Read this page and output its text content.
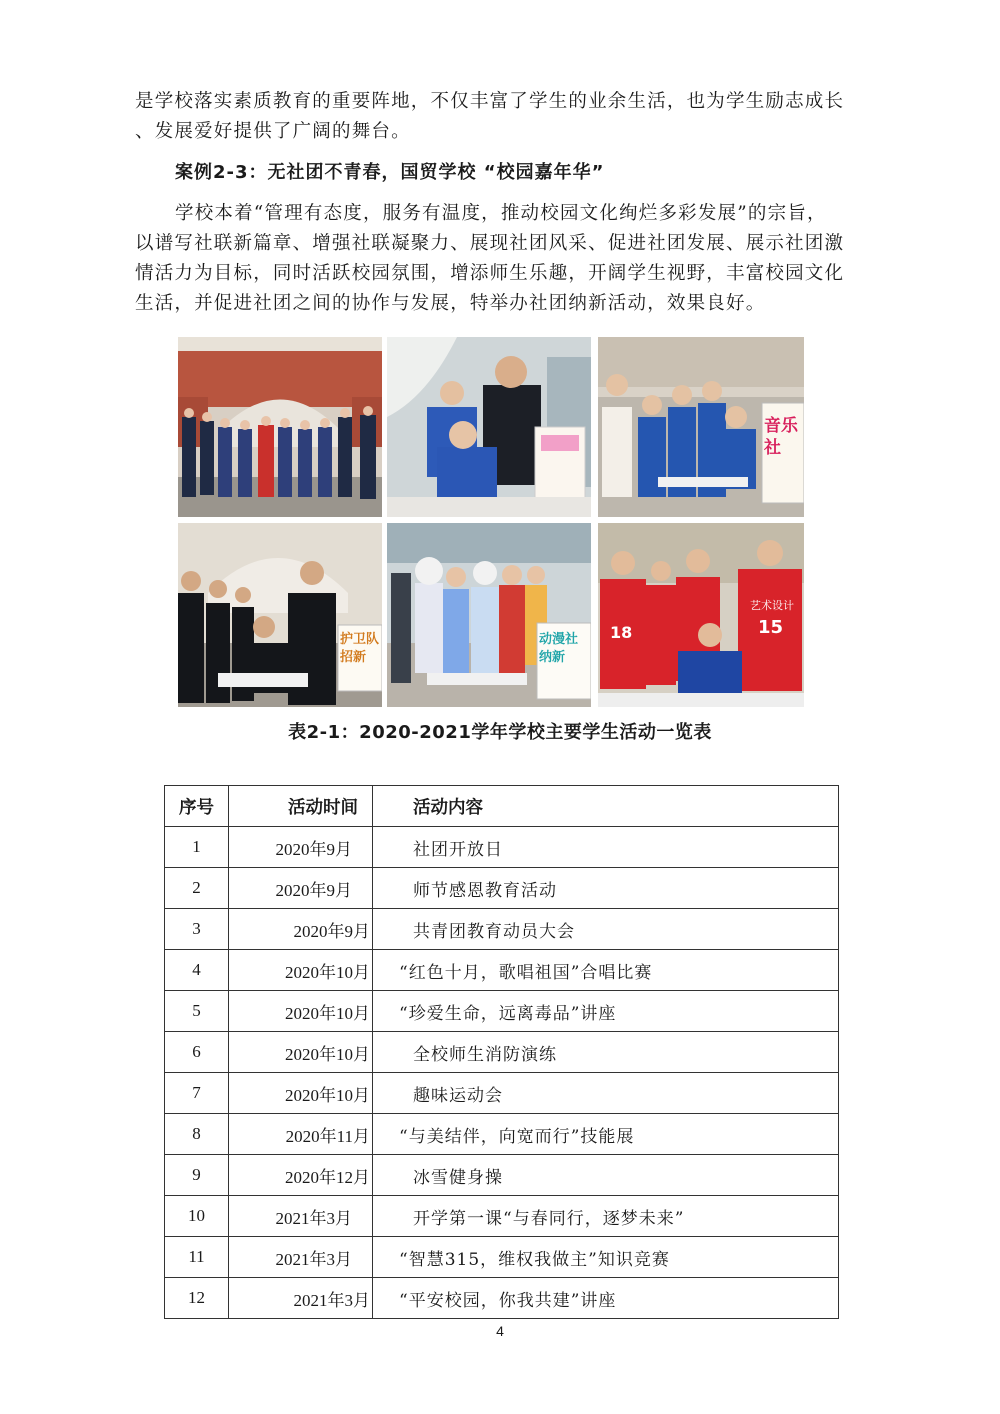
是学校落实素质教育的重要阵地，不仅丰富了学生的业余生活，也为学生励志成长
、发展爱好提供了广阔的舞台。

案例2-3：无社团不青春，国贸学校 “校园嘉年华”

学校本着“管理有态度，服务有温度，推动校园文化绚烂多彩发展”的宗旨，
以谱写社联新篇章、增强社联凝聚力、展现社团风采、促进社团发展、展示社团激
情活力为目标，同时活跃校园氛围，增添师生乐趣，开阔学生视野，丰富校园文化
生活，并促进社团之间的协作与发展，特举办社团纳新活动，效果良好。

音乐社
护卫队 招新
动漫社 纳新
艺术设计
18	15
表2-1：2020-2021学年学校主要学生活动一览表
序号	活动时间	活动内容
1	2020年9月	社团开放日
2	2020年9月	师节感恩教育活动
3	2020年9月	共青团教育动员大会
4	2020年10月	“红色十月，歌唱祖国”合唱比赛
5	2020年10月	“珍爱生命，远离毒品”讲座
6	2020年10月	全校师生消防演练
7	2020年10月	趣味运动会
8	2020年11月	“与美结伴，向宽而行”技能展
9	2020年12月	冰雪健身操
10	2021年3月	开学第一课“与春同行，逐梦未来”
11	2021年3月	“智慧315，维权我做主”知识竞赛
12	2021年3月	“平安校园，你我共建”讲座
4
